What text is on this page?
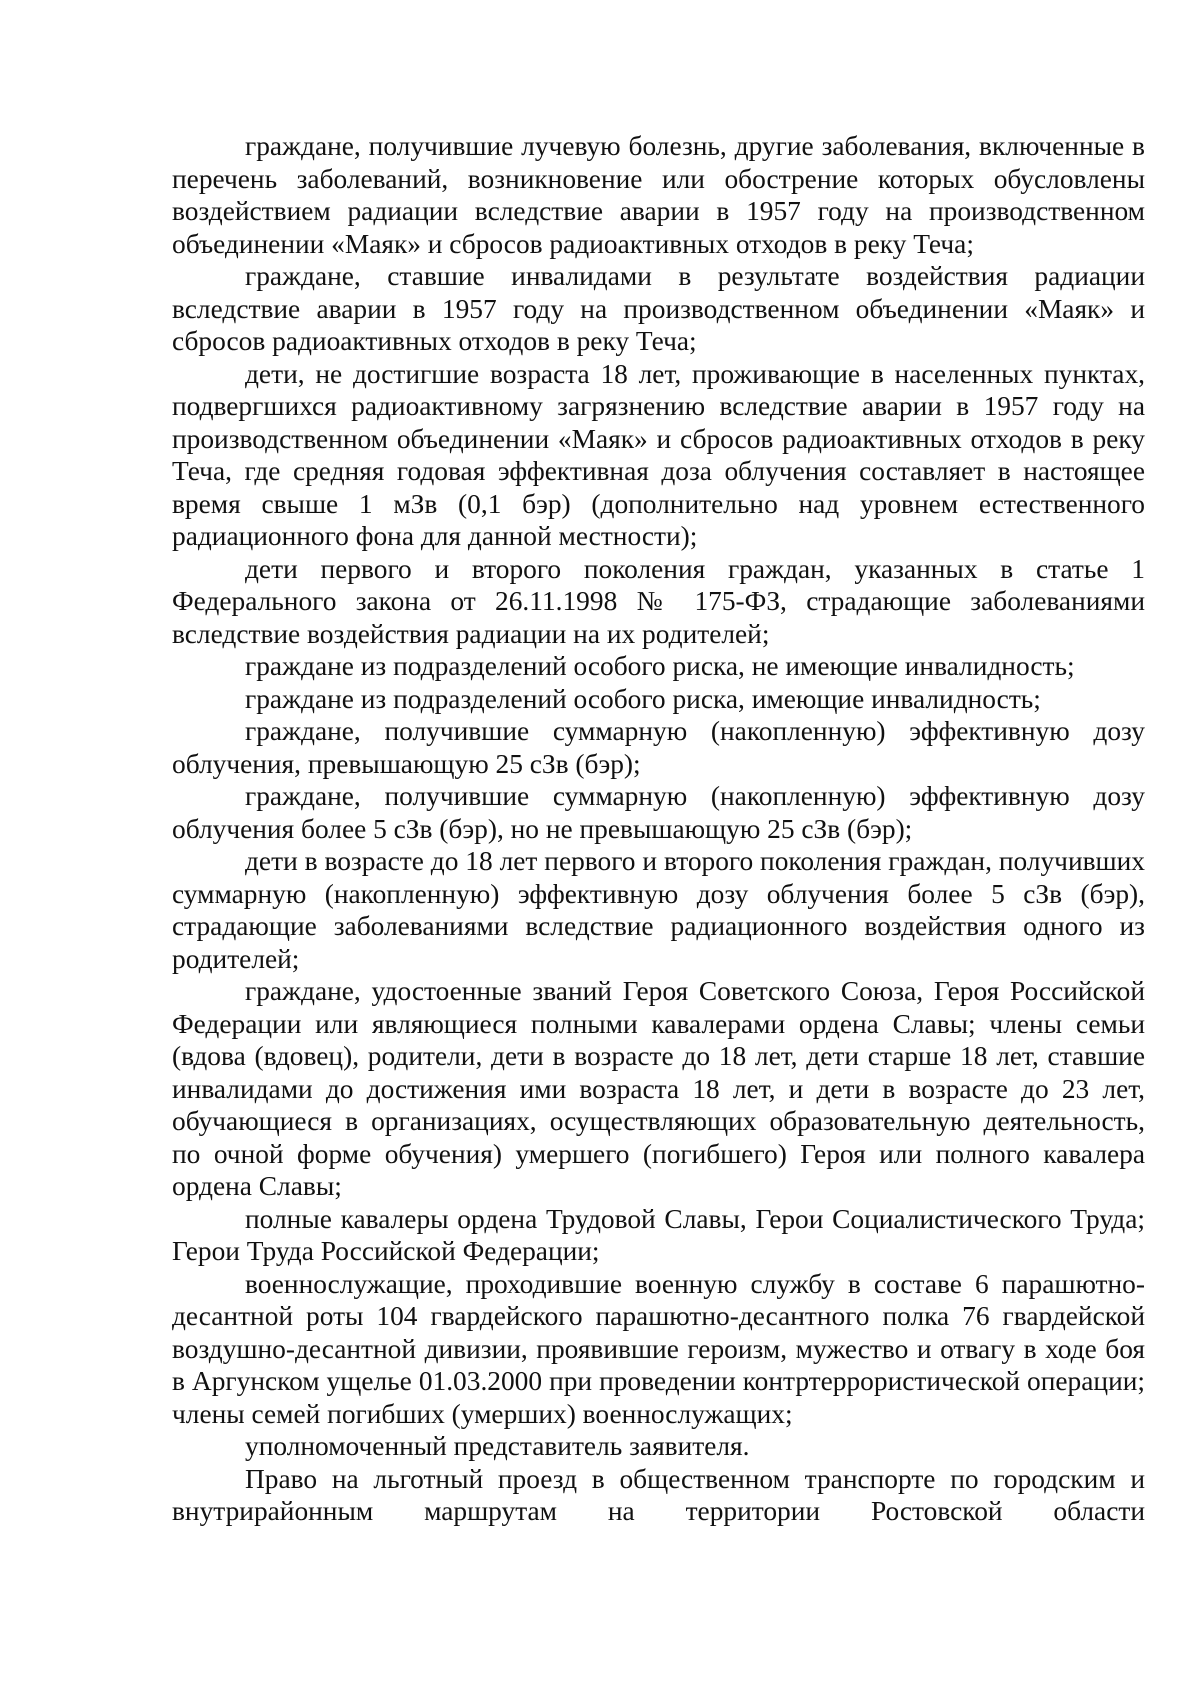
граждане, получившие лучевую болезнь, другие заболевания, включенные в перечень заболеваний, возникновение или обострение которых обусловлены воздействием радиации вследствие аварии в 1957 году на производственном объединении «Маяк» и сбросов радиоактивных отходов в реку Теча;

граждане, ставшие инвалидами в результате воздействия радиации вследствие аварии в 1957 году на производственном объединении «Маяк» и сбросов радиоактивных отходов в реку Теча;

дети, не достигшие возраста 18 лет, проживающие в населенных пунктах, подвергшихся радиоактивному загрязнению вследствие аварии в 1957 году на производственном объединении «Маяк» и сбросов радиоактивных отходов в реку Теча, где средняя годовая эффективная доза облучения составляет в настоящее время свыше 1 мЗв (0,1 бэр) (дополнительно над уровнем естественного радиационного фона для данной местности);

дети первого и второго поколения граждан, указанных в статье 1 Федерального закона от 26.11.1998 № 175-ФЗ, страдающие заболеваниями вследствие воздействия радиации на их родителей;

граждане из подразделений особого риска, не имеющие инвалидность;

граждане из подразделений особого риска, имеющие инвалидность;

граждане, получившие суммарную (накопленную) эффективную дозу облучения, превышающую 25 сЗв (бэр);

граждане, получившие суммарную (накопленную) эффективную дозу облучения более 5 сЗв (бэр), но не превышающую 25 сЗв (бэр);

дети в возрасте до 18 лет первого и второго поколения граждан, получивших суммарную (накопленную) эффективную дозу облучения более 5 сЗв (бэр), страдающие заболеваниями вследствие радиационного воздействия одного из родителей;

граждане, удостоенные званий Героя Советского Союза, Героя Российской Федерации или являющиеся полными кавалерами ордена Славы; члены семьи (вдова (вдовец), родители, дети в возрасте до 18 лет, дети старше 18 лет, ставшие инвалидами до достижения ими возраста 18 лет, и дети в возрасте до 23 лет, обучающиеся в организациях, осуществляющих образовательную деятельность, по очной форме обучения) умершего (погибшего) Героя или полного кавалера ордена Славы;

полные кавалеры ордена Трудовой Славы, Герои Социалистического Труда; Герои Труда Российской Федерации;

военнослужащие, проходившие военную службу в составе 6 парашютно-десантной роты 104 гвардейского парашютно-десантного полка 76 гвардейской воздушно-десантной дивизии, проявившие героизм, мужество и отвагу в ходе боя в Аргунском ущелье 01.03.2000 при проведении контртеррористической операции; члены семей погибших (умерших) военнослужащих;

уполномоченный представитель заявителя.

Право на льготный проезд в общественном транспорте по городским и внутрирайонным маршрутам на территории Ростовской области
